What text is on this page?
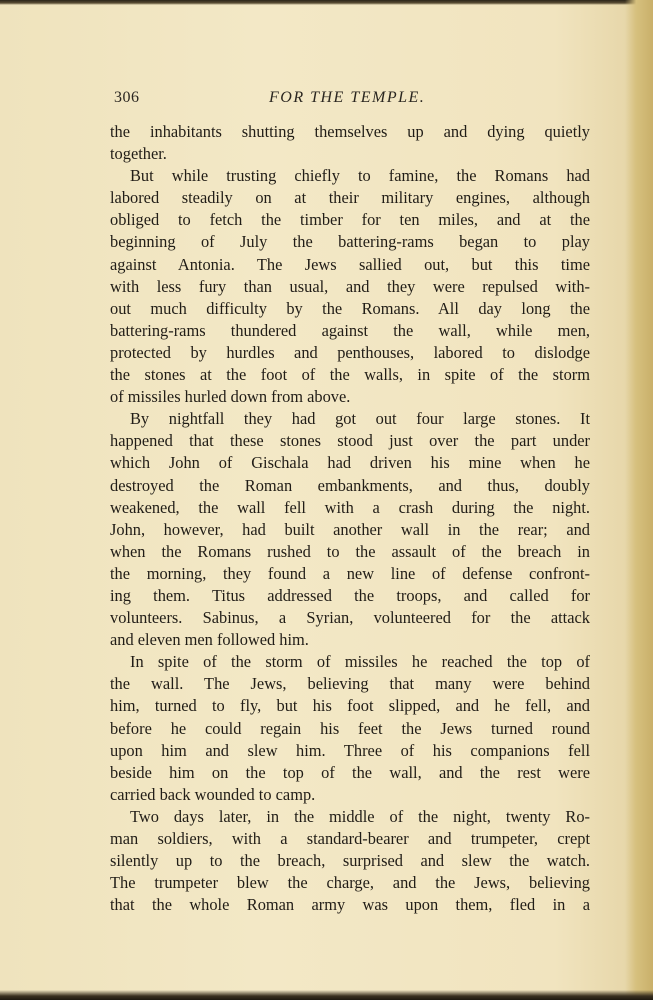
306	FOR THE TEMPLE.
the inhabitants shutting themselves up and dying quietly
together.
But while trusting chiefly to famine, the Romans had
labored steadily on at their military engines, although
obliged to fetch the timber for ten miles, and at the
beginning of July the battering-rams began to play
against Antonia. The Jews sallied out, but this time
with less fury than usual, and they were repulsed with-
out much difficulty by the Romans. All day long the
battering-rams thundered against the wall, while men,
protected by hurdles and penthouses, labored to dislodge
the stones at the foot of the walls, in spite of the storm
of missiles hurled down from above.
By nightfall they had got out four large stones. It
happened that these stones stood just over the part under
which John of Gischala had driven his mine when he
destroyed the Roman embankments, and thus, doubly
weakened, the wall fell with a crash during the night.
John, however, had built another wall in the rear; and
when the Romans rushed to the assault of the breach in
the morning, they found a new line of defense confront-
ing them. Titus addressed the troops, and called for
volunteers. Sabinus, a Syrian, volunteered for the attack
and eleven men followed him.
In spite of the storm of missiles he reached the top of
the wall. The Jews, believing that many were behind
him, turned to fly, but his foot slipped, and he fell, and
before he could regain his feet the Jews turned round
upon him and slew him. Three of his companions fell
beside him on the top of the wall, and the rest were
carried back wounded to camp.
Two days later, in the middle of the night, twenty Ro-
man soldiers, with a standard-bearer and trumpeter, crept
silently up to the breach, surprised and slew the watch.
The trumpeter blew the charge, and the Jews, believing
that the whole Roman army was upon them, fled in a
